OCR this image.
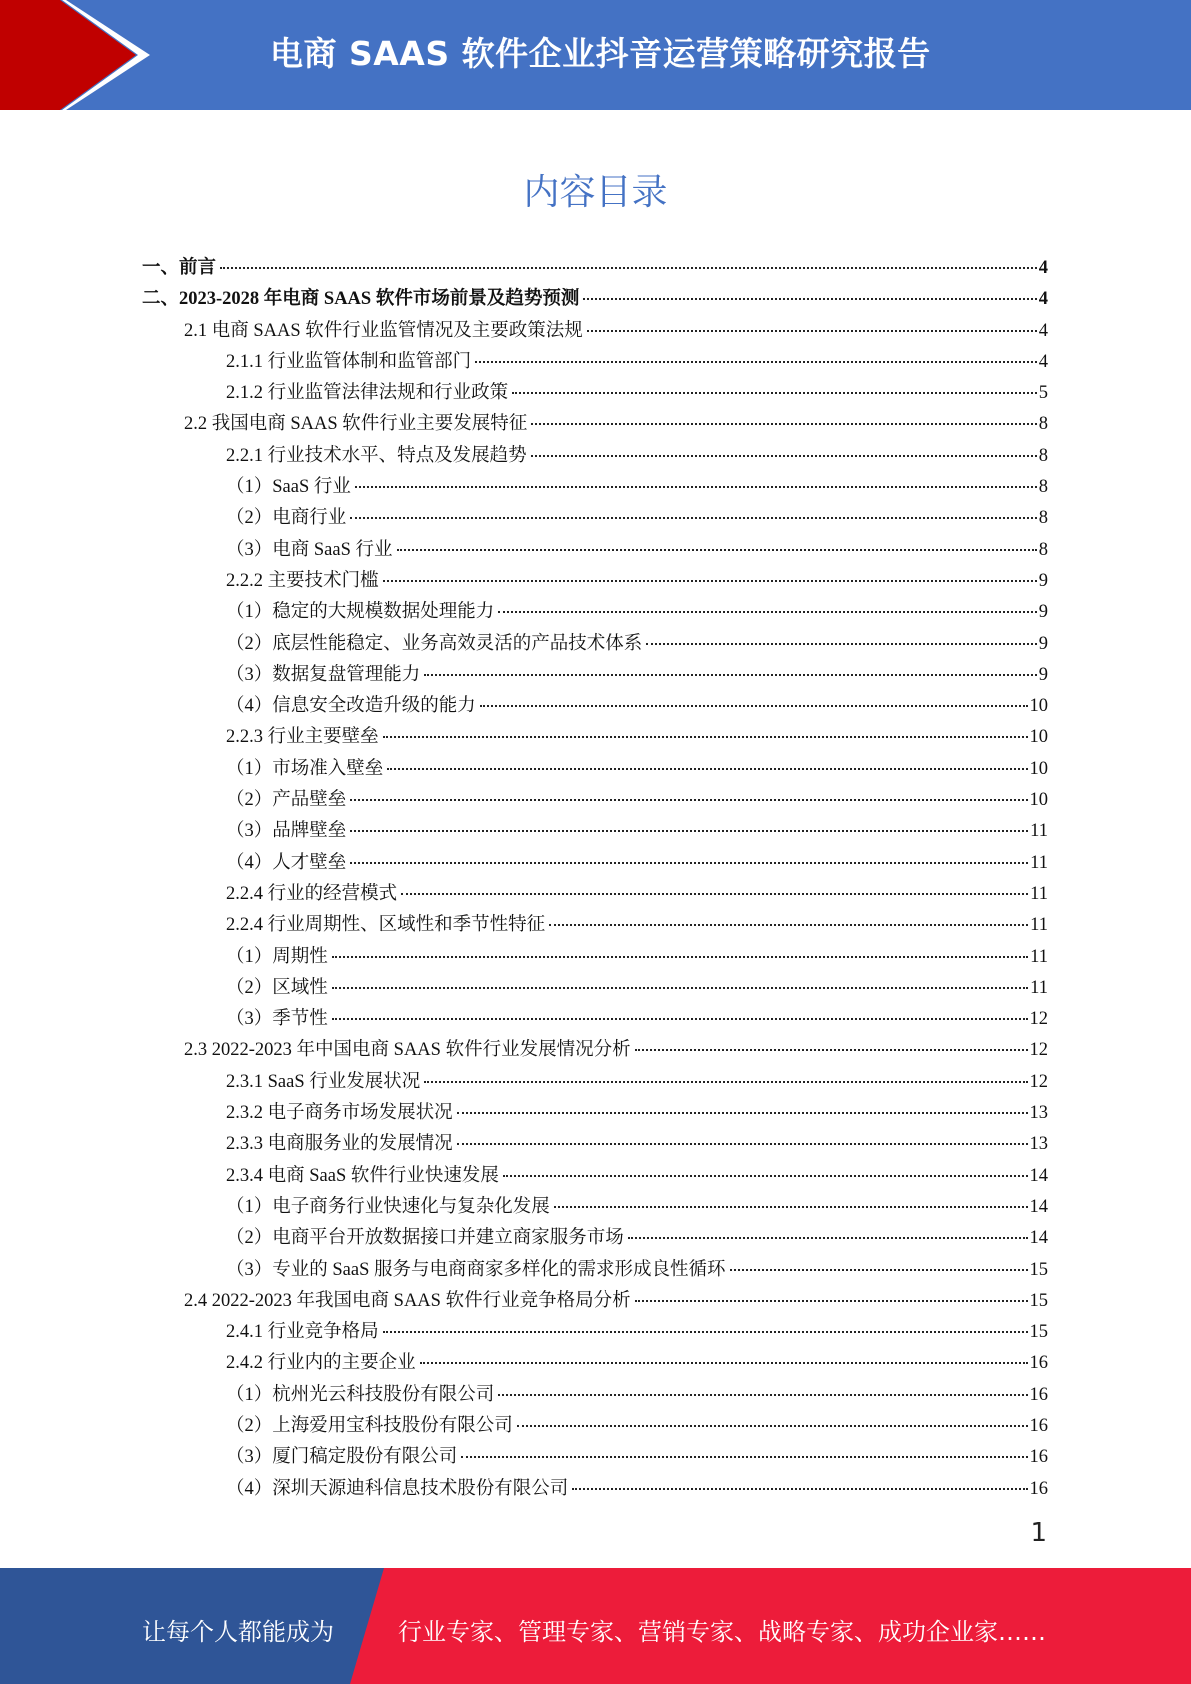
电商 SAAS 软件企业抖音运营策略研究报告
内容目录
一、前言	4
二、2023-2028 年电商 SAAS 软件市场前景及趋势预测	4
2.1 电商 SAAS 软件行业监管情况及主要政策法规	4
2.1.1 行业监管体制和监管部门	4
2.1.2 行业监管法律法规和行业政策	5
2.2 我国电商 SAAS 软件行业主要发展特征	8
2.2.1 行业技术水平、特点及发展趋势	8
（1）SaaS 行业	8
（2）电商行业	8
（3）电商 SaaS 行业	8
2.2.2 主要技术门槛	9
（1）稳定的大规模数据处理能力	9
（2）底层性能稳定、业务高效灵活的产品技术体系	9
（3）数据复盘管理能力	9
（4）信息安全改造升级的能力	10
2.2.3 行业主要壁垒	10
（1）市场准入壁垒	10
（2）产品壁垒	10
（3）品牌壁垒	11
（4）人才壁垒	11
2.2.4 行业的经营模式	11
2.2.4 行业周期性、区域性和季节性特征	11
（1）周期性	11
（2）区域性	11
（3）季节性	12
2.3 2022-2023 年中国电商 SAAS 软件行业发展情况分析	12
2.3.1 SaaS 行业发展状况	12
2.3.2 电子商务市场发展状况	13
2.3.3 电商服务业的发展情况	13
2.3.4 电商 SaaS 软件行业快速发展	14
（1）电子商务行业快速化与复杂化发展	14
（2）电商平台开放数据接口并建立商家服务市场	14
（3）专业的 SaaS 服务与电商商家多样化的需求形成良性循环	15
2.4 2022-2023 年我国电商 SAAS 软件行业竞争格局分析	15
2.4.1 行业竞争格局	15
2.4.2 行业内的主要企业	16
（1）杭州光云科技股份有限公司	16
（2）上海爱用宝科技股份有限公司	16
（3）厦门稿定股份有限公司	16
（4）深圳天源迪科信息技术股份有限公司	16
1
让每个人都能成为	行业专家、管理专家、营销专家、战略专家、成功企业家……
